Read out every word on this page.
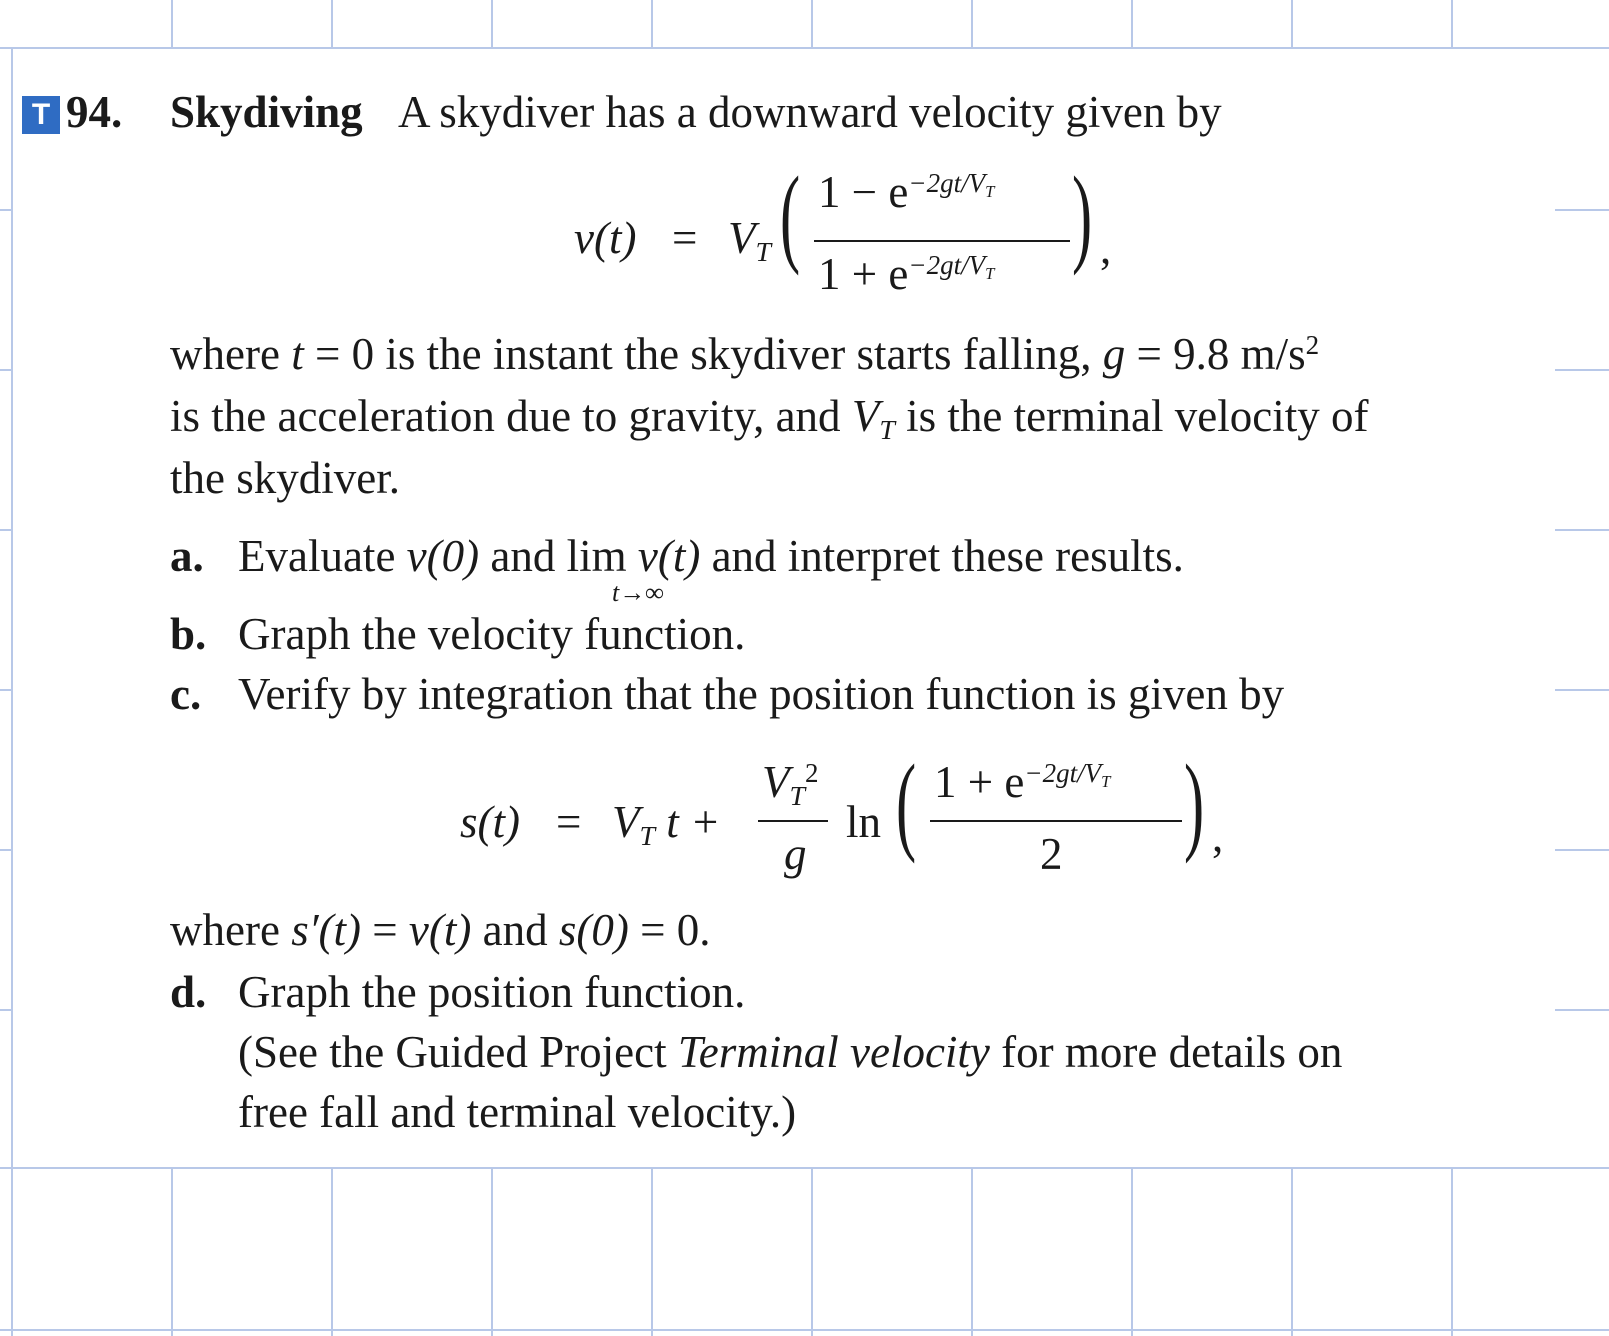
T 94. Skydiving A skydiver has a downward velocity given by
v(t) = VT ( $1 - e^{-2gt/VT}$
$1 + e^{-2gt/VT}$ ) ,
where t = 0 is the instant the skydiver starts falling, g = 9.8 $m/s^2$
is the acceleration due to gravity, and VT is the terminal velocity of
the skydiver.
a. Evaluate v(0) and lim v(t) and interpret these results.
t→∞
b. Graph the velocity function.
c. Verify by integration that the position function is given by
s(t) = VT t +
$VT^2$
g
ln ( $1 + e^{-2gt/VT}$
2 ) ,
where s′(t) = v(t) and s(0) = 0.
d. Graph the position function.
(See the Guided Project Terminal velocity for more details on
free fall and terminal velocity.)
